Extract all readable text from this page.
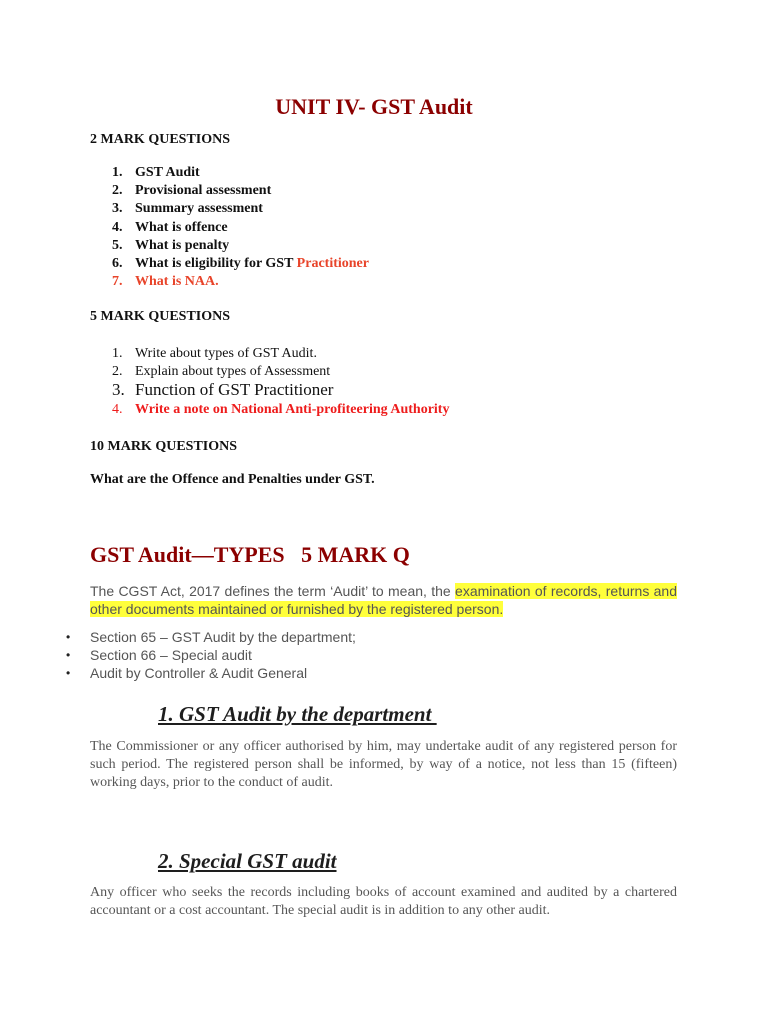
UNIT IV- GST Audit

2 MARK QUESTIONS

1. GST Audit
2. Provisional assessment
3. Summary assessment
4. What is offence
5. What is penalty
6. What is eligibility for GST Practitioner
7. What is NAA.

5 MARK QUESTIONS

1. Write about types of GST Audit.
2. Explain about types of Assessment
3. Function of GST Practitioner
4. Write a note on National Anti-profiteering Authority

10 MARK QUESTIONS

What are the Offence and Penalties under GST.

GST Audit—TYPES   5 MARK Q

The CGST Act, 2017 defines the term ‘Audit’ to mean, the examination of records, returns and other documents maintained or furnished by the registered person.

• Section 65 – GST Audit by the department;
• Section 66 – Special audit
• Audit by Controller & Audit General
1. GST Audit by the department

The Commissioner or any officer authorised by him, may undertake audit of any registered person for such period. The registered person shall be informed, by way of a notice, not less than 15 (fifteen) working days, prior to the conduct of audit.

2. Special GST audit

Any officer who seeks the records including books of account examined and audited by a chartered accountant or a cost accountant. The special audit is in addition to any other audit.
